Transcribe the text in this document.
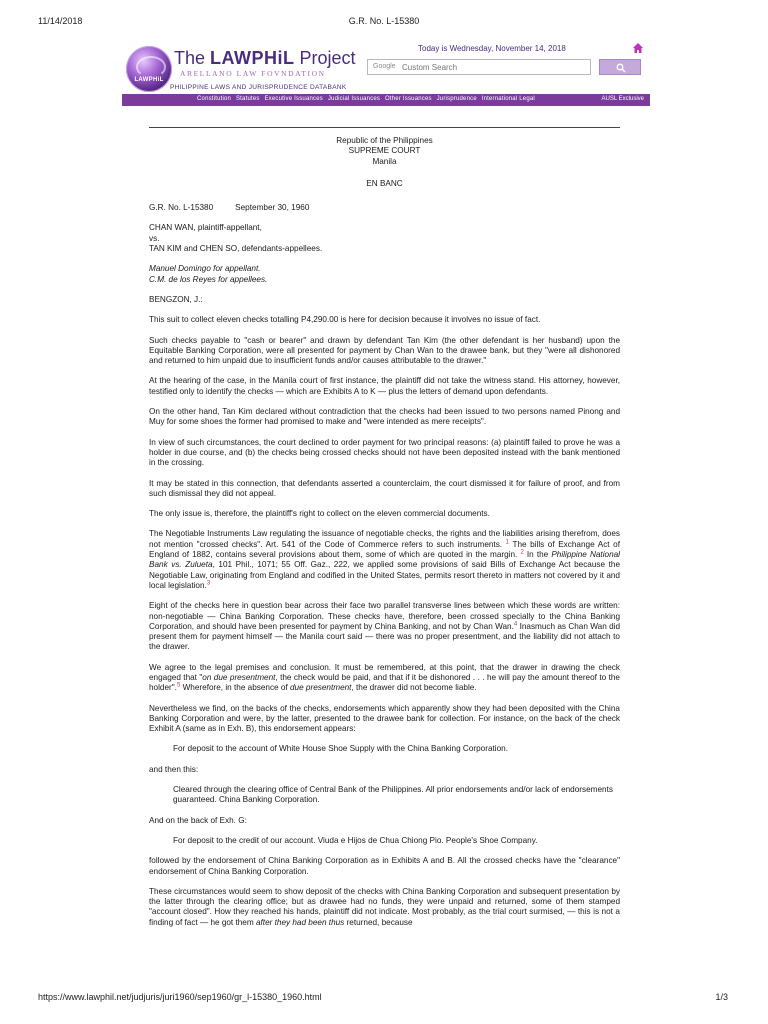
11/14/2018	G.R. No. L-15380
LAWPHiL
The LAWPHiL Project
ARELLANO LAW FOVNDATION
PHILIPPINE LAWS AND JURISPRUDENCE DATABANK
Today is Wednesday, November 14, 2018
Google
Custom Search
Constitution Statutes Executive Issuances Judicial Issuances Other Issuances Jurisprudence International Legal	AUSL Exclusive

Republic of the Philippines

SUPREME COURT

Manila

EN BANC

G.R. No. L-15380	September 30, 1960

CHAN WAN, plaintiff-appellant,

vs.

TAN KIM and CHEN SO, defendants-appellees.

Manuel Domingo for appellant.

C.M. de los Reyes for appellees.

BENGZON, J.:

This suit to collect eleven checks totalling P4,290.00 is here for decision because it involves no issue of fact.

Such checks payable to "cash or bearer" and drawn by defendant Tan Kim (the other defendant is her husband) upon the Equitable Banking Corporation, were all presented for payment by Chan Wan to the drawee bank, but they "were all dishonored and returned to him unpaid due to insufficient funds and/or causes attributable to the drawer."

At the hearing of the case, in the Manila court of first instance, the plaintiff did not take the witness stand. His attorney, however, testified only to identify the checks — which are Exhibits A to K — plus the letters of demand upon defendants.

On the other hand, Tan Kim declared without contradiction that the checks had been issued to two persons named Pinong and Muy for some shoes the former had promised to make and "were intended as mere receipts".

In view of such circumstances, the court declined to order payment for two principal reasons: (a) plaintiff failed to prove he was a holder in due course, and (b) the checks being crossed checks should not have been deposited instead with the bank mentioned in the crossing.

It may be stated in this connection, that defendants asserted a counterclaim, the court dismissed it for failure of proof, and from such dismissal they did not appeal.

The only issue is, therefore, the plaintiff's right to collect on the eleven commercial documents.

The Negotiable Instruments Law regulating the issuance of negotiable checks, the rights and the liabilities arising therefrom, does not mention "crossed checks". Art. 541 of the Code of Commerce refers to such instruments. $^1$ The bills of Exchange Act of England of 1882, contains several provisions about them, some of which are quoted in the margin. $^2$ In the Philippine National Bank vs. Zulueta, 101 Phil., 1071; 55 Off. Gaz., 222, we applied some provisions of said Bills of Exchange Act because the Negotiable Law, originating from England and codified in the United States, permits resort thereto in matters not covered by it and local legislation.$^3$

Eight of the checks here in question bear across their face two parallel transverse lines between which these words are written: non-negotiable — China Banking Corporation. These checks have, therefore, been crossed specially to the China Banking Corporation, and should have been presented for payment by China Banking, and not by Chan Wan.$^4$ Inasmuch as Chan Wan did present them for payment himself — the Manila court said — there was no proper presentment, and the liability did not attach to the drawer.

We agree to the legal premises and conclusion. It must be remembered, at this point, that the drawer in drawing the check engaged that "on due presentment, the check would be paid, and that if it be dishonored . . . he will pay the amount thereof to the holder".$^5$ Wherefore, in the absence of due presentment, the drawer did not become liable.

Nevertheless we find, on the backs of the checks, endorsements which apparently show they had been deposited with the China Banking Corporation and were, by the latter, presented to the drawee bank for collection. For instance, on the back of the check Exhibit A (same as in Exh. B), this endorsement appears:

For deposit to the account of White House Shoe Supply with the China Banking Corporation.

and then this:

Cleared through the clearing office of Central Bank of the Philippines. All prior endorsements and/or lack of endorsements guaranteed. China Banking Corporation.

And on the back of Exh. G:

For deposit to the credit of our account. Viuda e Hijos de Chua Chiong Pio. People's Shoe Company.

followed by the endorsement of China Banking Corporation as in Exhibits A and B. All the crossed checks have the "clearance" endorsement of China Banking Corporation.

These circumstances would seem to show deposit of the checks with China Banking Corporation and subsequent presentation by the latter through the clearing office; but as drawee had no funds, they were unpaid and returned, some of them stamped "account closed". How they reached his hands, plaintiff did not indicate. Most probably, as the trial court surmised, — this is not a finding of fact — he got them after they had been thus returned, because

https://www.lawphil.net/judjuris/juri1960/sep1960/gr_l-15380_1960.html	1/3
